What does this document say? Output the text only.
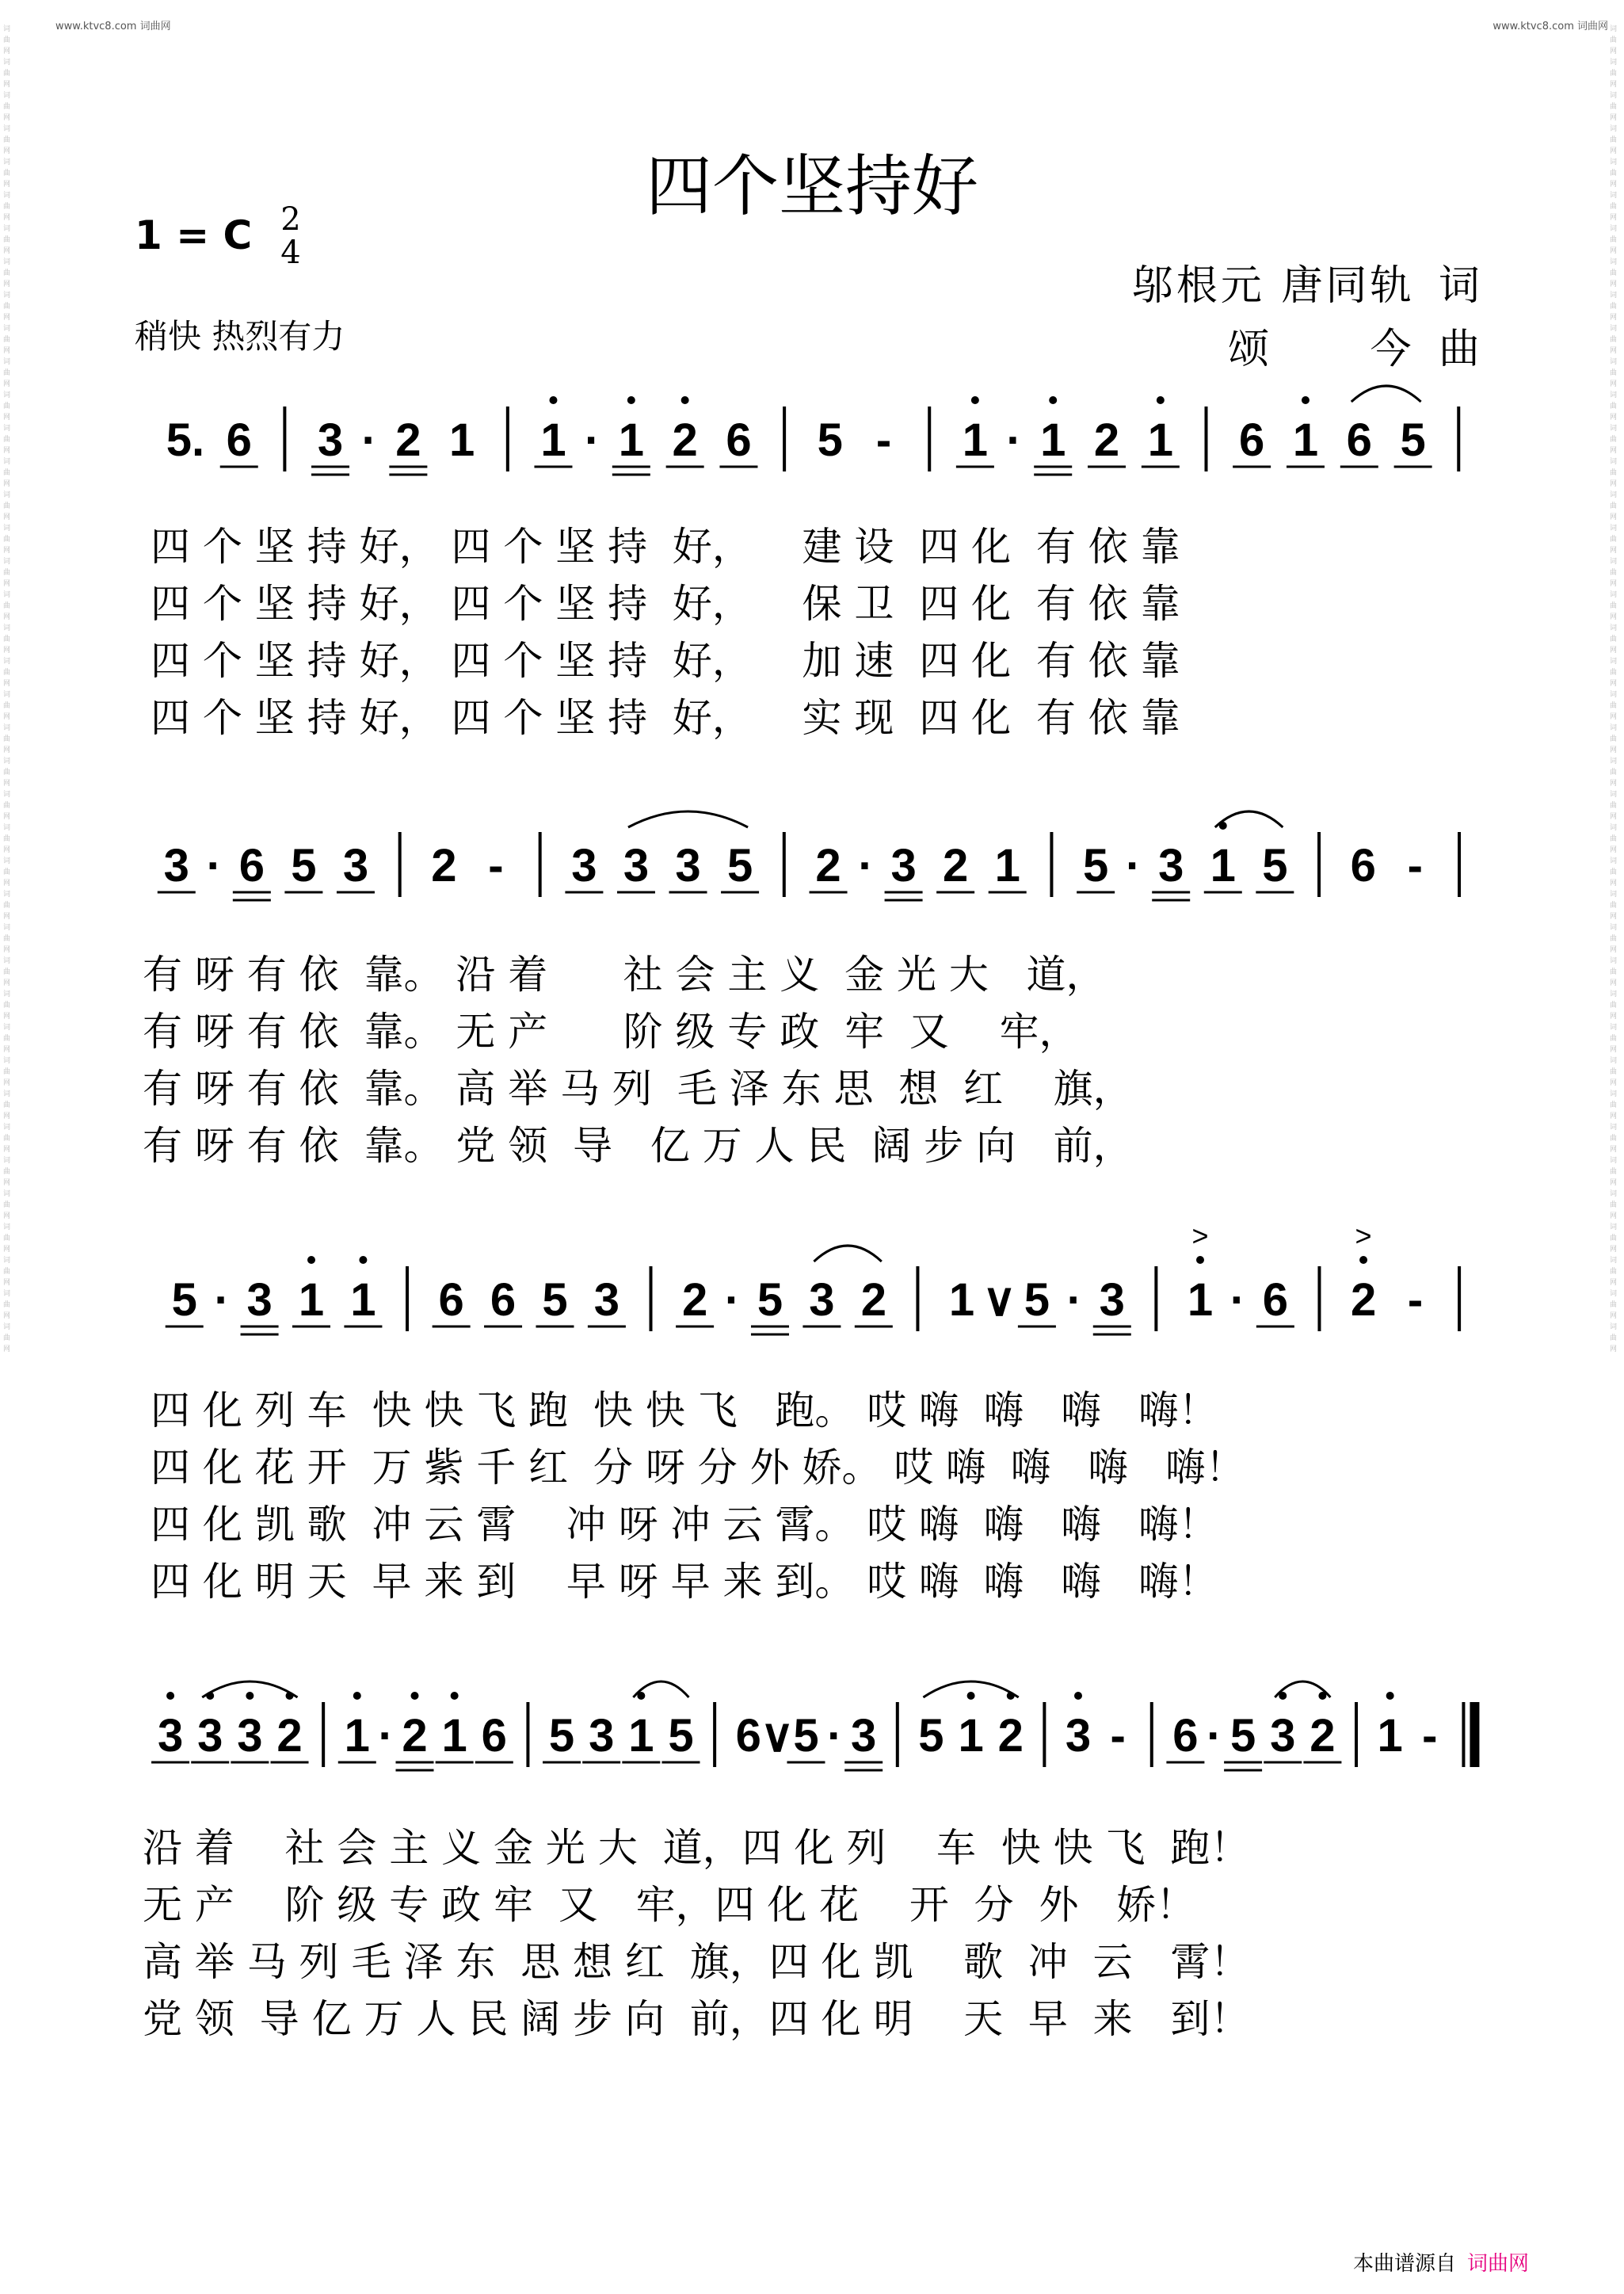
www.ktvc8.com 词曲网	www.ktvc8.com 词曲网
词曲网词曲网词曲网词曲网词曲网词曲网词曲网词曲网词曲网词曲网词曲网词曲网词曲网词曲网词曲网词曲网词曲网词曲网词曲网词曲网词曲网词曲网词曲网词曲网词曲网词曲网词曲网词曲网词曲网词曲网词曲网词曲网词曲网词曲网词曲网词曲网词曲网词曲网词曲网词曲网
词曲网词曲网词曲网词曲网词曲网词曲网词曲网词曲网词曲网词曲网词曲网词曲网词曲网词曲网词曲网词曲网词曲网词曲网词曲网词曲网词曲网词曲网词曲网词曲网词曲网词曲网词曲网词曲网词曲网词曲网词曲网词曲网词曲网词曲网词曲网词曲网词曲网词曲网词曲网词曲网
四个坚持好
1 = C 2
4
稍快 热烈有力
邬根元 唐同轨 词
颂      今 曲
5. 6 3 · 2 1 1 · 1 2 6 5 - 1 · 1 2 1 6 1 6 5
3 · 6 5 3 2 - 3 3 3 5 2 · 3 2 1 5 · 3 1 5 6 -
5 · 3 1 1 6 6 5 3 2 · 5 3 2 1 ∨ 5 · 3 1
>
· 6 2
>
-
3 3 3 2 1 · 2 1 6 5 3 1 5 6
∨
5 · 3 5 1 2 3 - 6 · 5 3 2 1 -
四 个 坚 持 好， 四 个 坚 持  好，    建 设  四 化  有 依 靠
四 个 坚 持 好， 四 个 坚 持  好，    保 卫  四 化  有 依 靠
四 个 坚 持 好， 四 个 坚 持  好，    加 速  四 化  有 依 靠
四 个 坚 持 好， 四 个 坚 持  好，    实 现  四 化  有 依 靠
有 呀 有 依  靠。 沿 着      社 会 主 义  金 光 大   道，
有 呀 有 依  靠。 无 产      阶 级 专 政  牢  又    牢，
有 呀 有 依  靠。 高 举 马 列  毛 泽 东 思  想  红    旗，
有 呀 有 依  靠。 党 领  导   亿 万 人 民  阔 步 向   前，
四 化 列 车  快 快 飞 跑  快 快 飞   跑。 哎 嗨  嗨   嗨   嗨！
四 化 花 开  万 紫 千 红  分 呀 分 外 娇。 哎 嗨  嗨   嗨   嗨！
四 化 凯 歌  冲 云 霄    冲 呀 冲 云 霄。 哎 嗨  嗨   嗨   嗨！
四 化 明 天  早 来 到    早 呀 早 来 到。 哎 嗨  嗨   嗨   嗨！
沿 着    社 会 主 义 金 光 大  道，四 化 列    车  快 快 飞  跑！
无 产    阶 级 专 政 牢  又   牢，四 化 花    开  分  外   娇！
高 举 马 列 毛 泽 东  思 想 红  旗，四 化 凯    歌  冲  云   霄！
党 领  导 亿 万 人 民 阔 步 向  前，四 化 明    天  早  来   到！
本曲谱源自 词曲网
